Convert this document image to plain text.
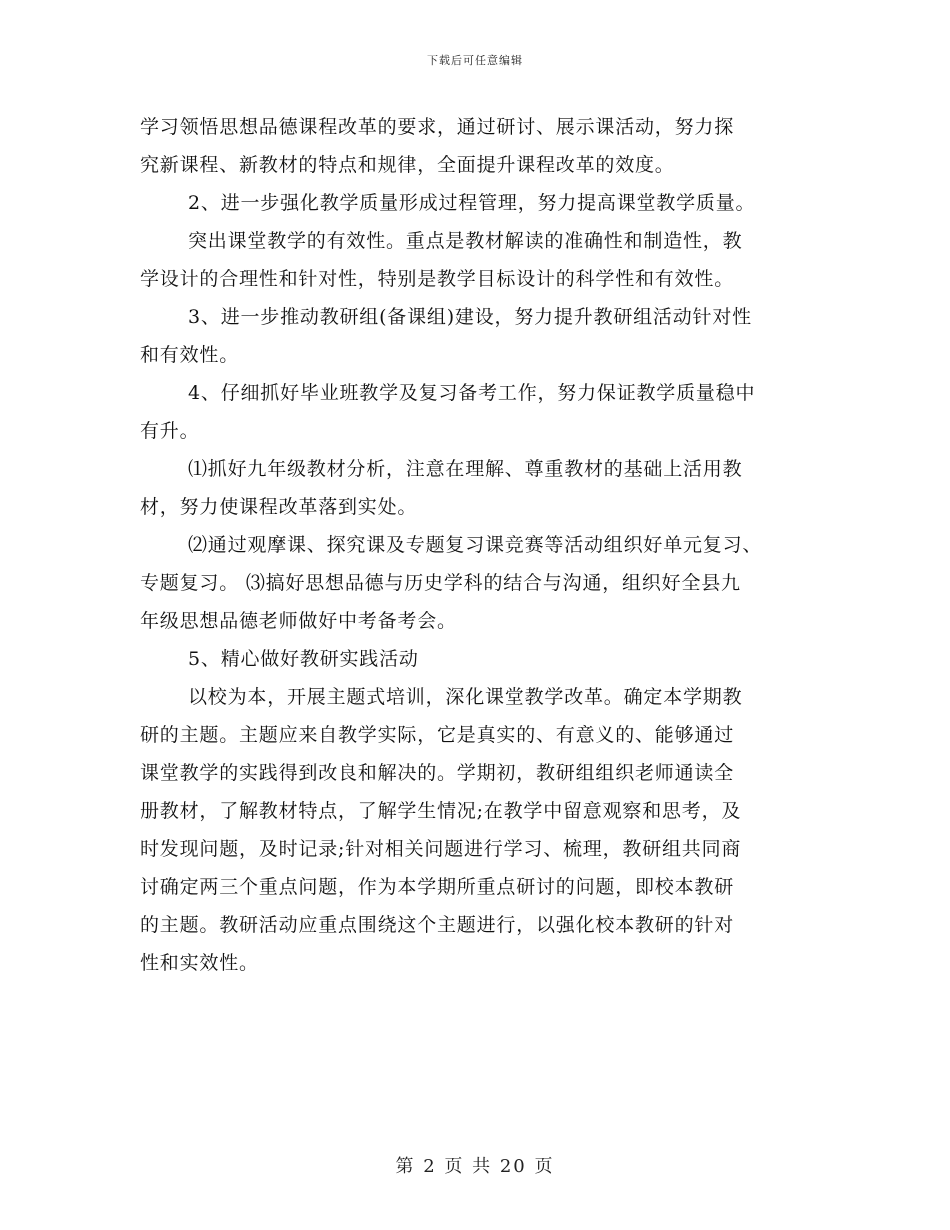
下载后可任意编辑

学习领悟思想品德课程改革的要求，通过研讨、展示课活动，努力探

究新课程、新教材的特点和规律，全面提升课程改革的效度。

2、进一步强化教学质量形成过程管理，努力提高课堂教学质量。

突出课堂教学的有效性。重点是教材解读的准确性和制造性，教

学设计的合理性和针对性，特别是教学目标设计的科学性和有效性。

3、进一步推动教研组(备课组)建设，努力提升教研组活动针对性

和有效性。

4、仔细抓好毕业班教学及复习备考工作，努力保证教学质量稳中

有升。

⑴抓好九年级教材分析，注意在理解、尊重教材的基础上活用教

材，努力使课程改革落到实处。

⑵通过观摩课、探究课及专题复习课竞赛等活动组织好单元复习、

专题复习。 ⑶搞好思想品德与历史学科的结合与沟通，组织好全县九

年级思想品德老师做好中考备考会。

5、精心做好教研实践活动

以校为本，开展主题式培训，深化课堂教学改革。确定本学期教

研的主题。主题应来自教学实际，它是真实的、有意义的、能够通过

课堂教学的实践得到改良和解决的。学期初，教研组组织老师通读全

册教材，了解教材特点，了解学生情况;在教学中留意观察和思考，及

时发现问题，及时记录;针对相关问题进行学习、梳理，教研组共同商

讨确定两三个重点问题，作为本学期所重点研讨的问题，即校本教研

的主题。教研活动应重点围绕这个主题进行，以强化校本教研的针对

性和实效性。

第 2 页 共 20 页
